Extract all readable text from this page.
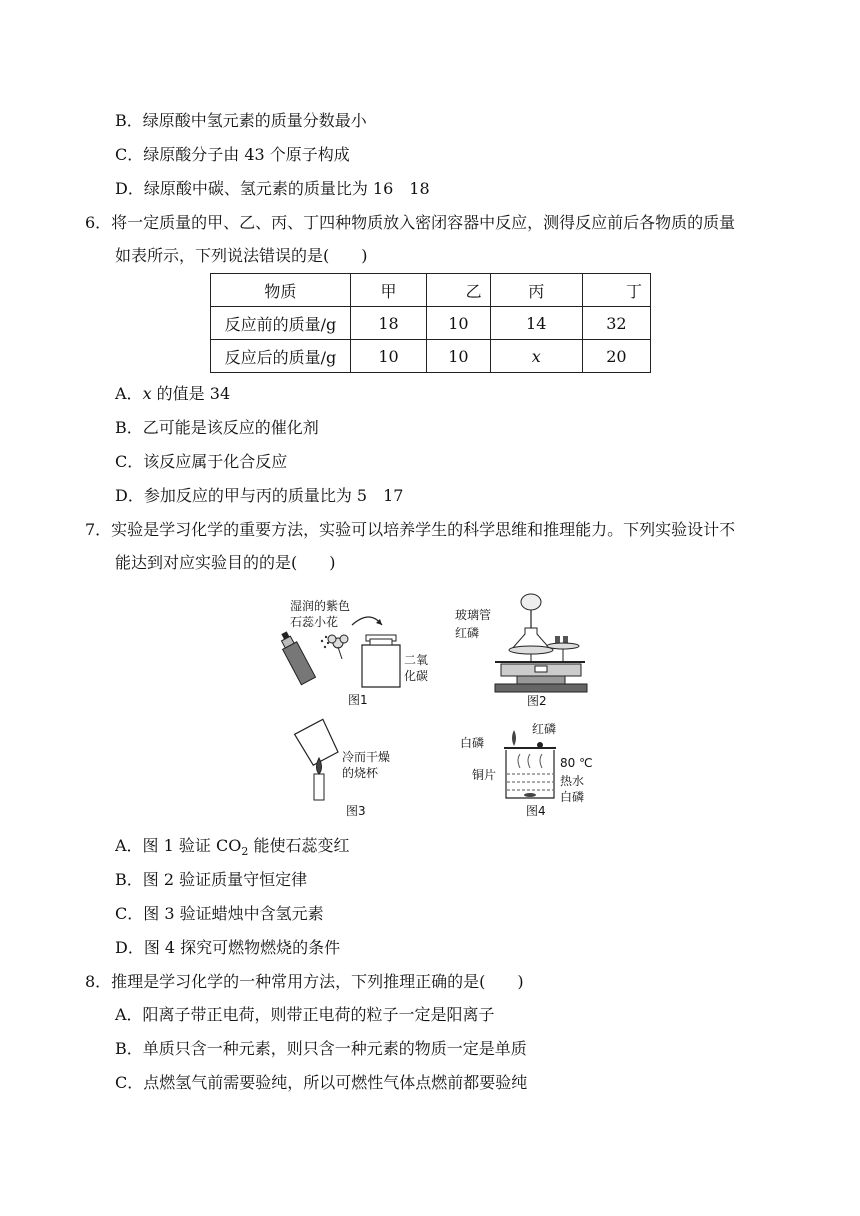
B．绿原酸中氢元素的质量分数最小
C．绿原酸分子由 43 个原子构成
D．绿原酸中碳、氢元素的质量比为 16　18
6．将一定质量的甲、乙、丙、丁四种物质放入密闭容器中反应，测得反应前后各物质的质量
如表所示，下列说法错误的是(　　)
物质	甲	乙	丙	丁
反应前的质量/g	18	10	14	32
反应后的质量/g	10	10	x	20
A．x 的值是 34
B．乙可能是该反应的催化剂
C．该反应属于化合反应
D．参加反应的甲与丙的质量比为 5　17
7．实验是学习化学的重要方法，实验可以培养学生的科学思维和推理能力。下列实验设计不
能达到对应实验目的的是(　　)
湿润的紫色
石蕊小花
二氧
化碳
图1
玻璃管
红磷
图2
冷而干燥
的烧杯
图3
白磷
红磷
80 ℃
铜片	热水
白磷
图4
A．图 1 验证 $CO_2$ 能使石蕊变红
B．图 2 验证质量守恒定律
C．图 3 验证蜡烛中含氢元素
D．图 4 探究可燃物燃烧的条件
8．推理是学习化学的一种常用方法，下列推理正确的是(　　)
A．阳离子带正电荷，则带正电荷的粒子一定是阳离子
B．单质只含一种元素，则只含一种元素的物质一定是单质
C．点燃氢气前需要验纯，所以可燃性气体点燃前都要验纯
